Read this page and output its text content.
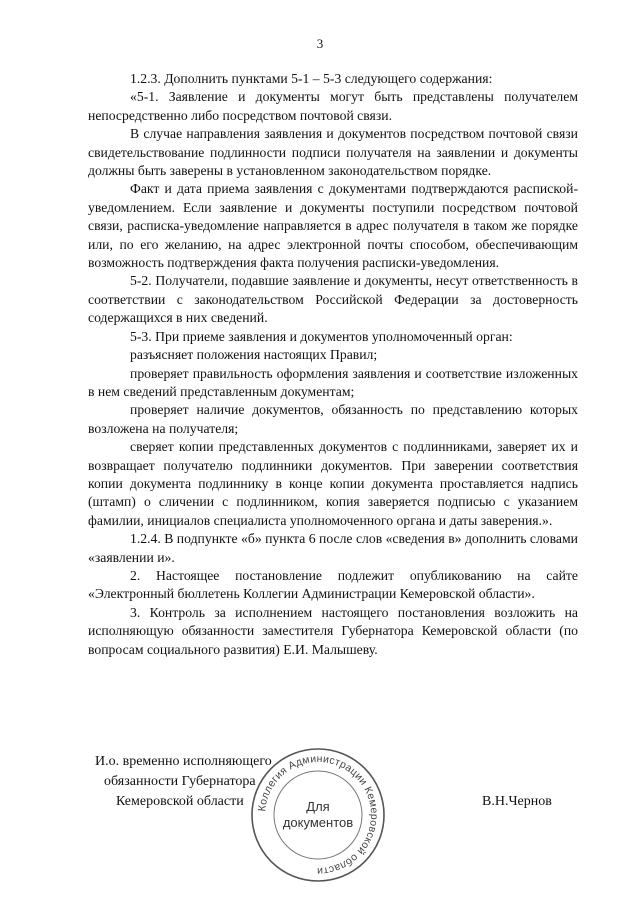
3

1.2.3. Дополнить пунктами 5-1 – 5-3 следующего содержания:

«5-1. Заявление и документы могут быть представлены получателем непосредственно либо посредством почтовой связи.

В случае направления заявления и документов посредством почтовой связи свидетельствование подлинности подписи получателя на заявлении и документы должны быть заверены в установленном законодательством порядке.

Факт и дата приема заявления с документами подтверждаются распиской-уведомлением. Если заявление и документы поступили посредством почтовой связи, расписка-уведомление направляется в адрес получателя в таком же порядке или, по его желанию, на адрес электронной почты способом, обеспечивающим возможность подтверждения факта получения расписки-уведомления.

5-2. Получатели, подавшие заявление и документы, несут ответственность в соответствии с законодательством Российской Федерации за достоверность содержащихся в них сведений.

5-3. При приеме заявления и документов уполномоченный орган:

разъясняет положения настоящих Правил;

проверяет правильность оформления заявления и соответствие изложенных в нем сведений представленным документам;

проверяет наличие документов, обязанность по представлению которых возложена на получателя;

сверяет копии представленных документов с подлинниками, заверяет их и возвращает получателю подлинники документов. При заверении соответствия копии документа подлиннику в конце копии документа проставляется надпись (штамп) о сличении с подлинником, копия заверяется подписью с указанием фамилии, инициалов специалиста уполномоченного органа и даты заверения.».

1.2.4. В подпункте «б» пункта 6 после слов «сведения в» дополнить словами «заявлении и».

2. Настоящее постановление подлежит опубликованию на сайте «Электронный бюллетень Коллегии Администрации Кемеровской области».

3. Контроль за исполнением настоящего постановления возложить на исполняющую обязанности заместителя Губернатора Кемеровской области (по вопросам социального развития) Е.И. Малышеву.

И.о. временно исполняющего
обязанности Губернатора
Кемеровской области	В.Н.Чернов
Коллегия Администрации Кемеровской области
Для
документов
